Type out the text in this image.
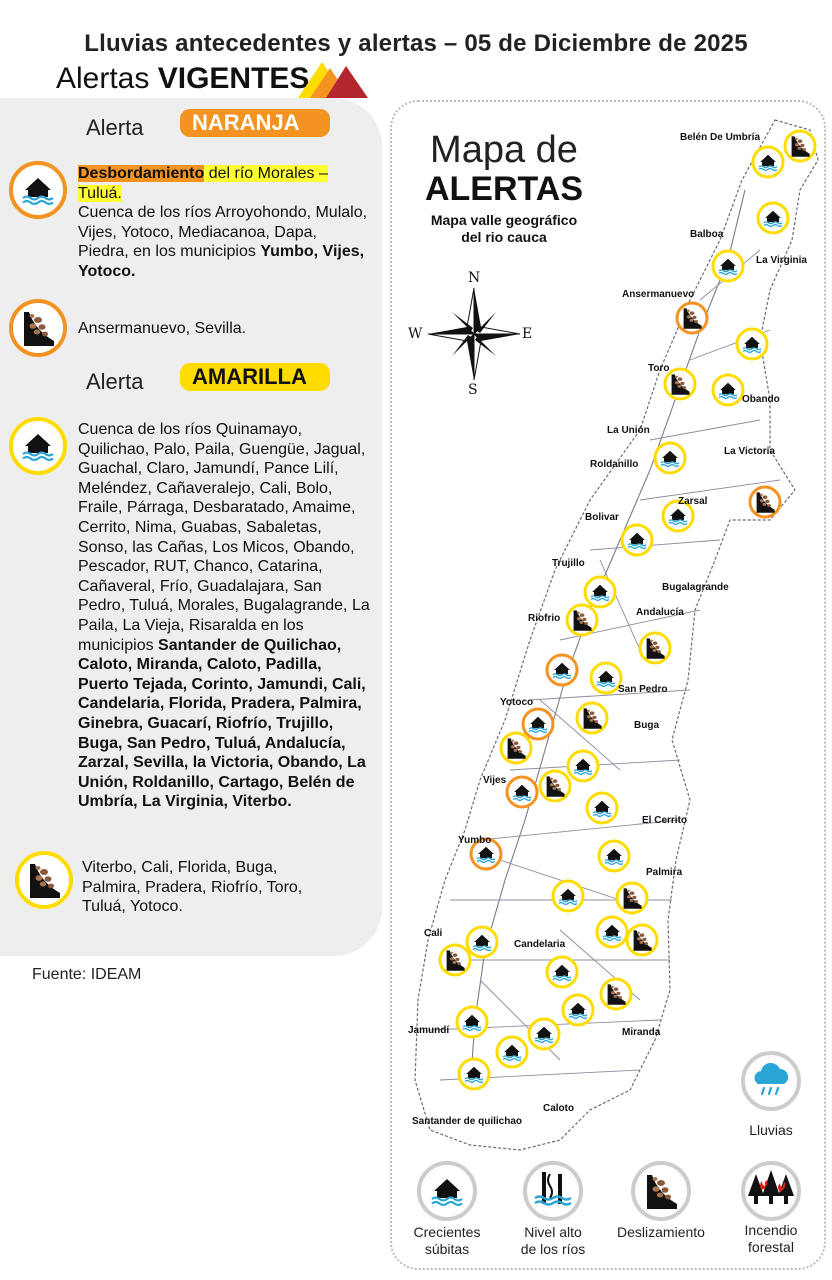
Lluvias antecedentes y alertas – 05 de Diciembre de 2025
Alertas VIGENTES
Alerta	NARANJA
Desbordamiento del río Morales –
Tuluá.
Cuenca de los ríos Arroyohondo, Mulalo, Vijes, Yotoco, Mediacanoa, Dapa, Piedra, en los municipios Yumbo, Vijes, Yotoco.
Ansermanuevo, Sevilla.
Alerta	AMARILLA
Cuenca de los ríos Quinamayo, Quilichao, Palo, Paila, Guengüe, Jagual, Guachal, Claro, Jamundí, Pance Lilí, Meléndez, Cañaveralejo, Cali, Bolo, Fraile, Párraga, Desbaratado, Amaime, Cerrito, Nima, Guabas, Sabaletas, Sonso, las Cañas, Los Micos, Obando, Pescador, RUT, Chanco, Catarina, Cañaveral, Frío, Guadalajara, San Pedro, Tuluá, Morales, Bugalagrande, La Paila, La Vieja, Risaralda en los municipios Santander de Quilichao, Caloto, Miranda, Caloto, Padilla, Puerto Tejada, Corinto, Jamundi, Cali, Candelaria, Florida, Pradera, Palmira, Ginebra, Guacarí, Riofrío, Trujillo, Buga, San Pedro, Tuluá, Andalucía, Zarzal, Sevilla, la Victoria, Obando, La Unión, Roldanillo, Cartago, Belén de Umbría, La Virginia, Viterbo.
Viterbo, Cali, Florida, Buga, Palmira, Pradera, Riofrío, Toro, Tuluá, Yotoco.
Fuente: IDEAM
Mapa de
ALERTAS
Mapa valle geográfico
del rio cauca
N
S
E
W
Belén De Umbría
Balboa
La Virginia
Ansermanuevo
Toro
Obando
La Unión
La Victoria
Roldanillo
Zarsal
Bolivar
Trujillo
Bugalagrande
Andalucía
Riofrio
San Pedro
Yotoco
Buga
Vijes
El Cerrito
Yumbo
Palmira
Cali
Candelaria
Miranda
Jamundí
Caloto
Santander de quilichao
Lluvias
Crecientes
súbitas
Nivel alto
de los ríos
Deslizamiento	Incendio
forestal
